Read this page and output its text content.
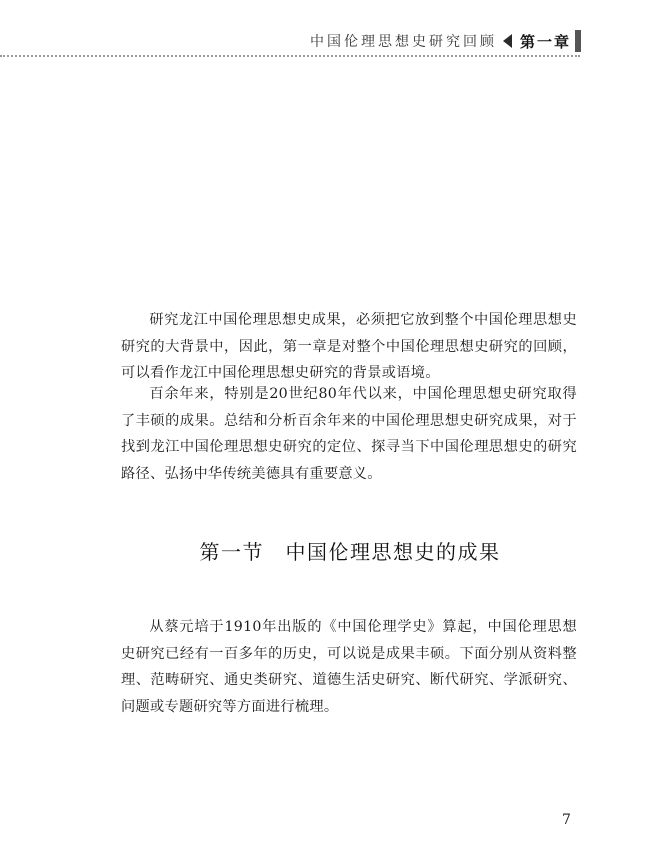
中国伦理思想史研究回顾 第一章

研究龙江中国伦理思想史成果，必须把它放到整个中国伦理思想史研究的大背景中，因此，第一章是对整个中国伦理思想史研究的回顾，可以看作龙江中国伦理思想史研究的背景或语境。

百余年来，特别是20世纪80年代以来，中国伦理思想史研究取得了丰硕的成果。总结和分析百余年来的中国伦理思想史研究成果，对于找到龙江中国伦理思想史研究的定位、探寻当下中国伦理思想史的研究路径、弘扬中华传统美德具有重要意义。

第一节　中国伦理思想史的成果

从蔡元培于1910年出版的《中国伦理学史》算起，中国伦理思想史研究已经有一百多年的历史，可以说是成果丰硕。下面分别从资料整理、范畴研究、通史类研究、道德生活史研究、断代研究、学派研究、问题或专题研究等方面进行梳理。

7
